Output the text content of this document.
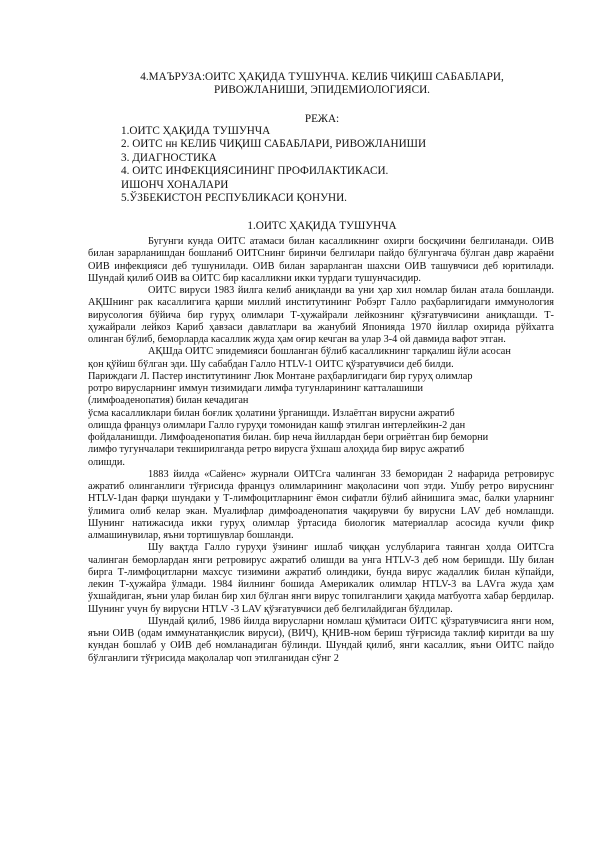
4.МАЪРУЗА:ОИТС ҲАҚИДА ТУШУНЧА. КЕЛИБ ЧИҚИШ САБАБЛАРИ,
РИВОЖЛАНИШИ, ЭПИДЕМИОЛОГИЯСИ.
РЕЖА:
1.ОИТС ҲАҚИДА ТУШУНЧА
2. ОИТС нн КЕЛИБ ЧИҚИШ САБАБЛАРИ, РИВОЖЛАНИШИ
3. ДИАГНОСТИКА
4. ОИТС ИНФЕКЦИЯСИНИНГ ПРОФИЛАКТИКАСИ.
ИШОНЧ ХОНАЛАРИ
5.ЎЗБЕКИСТОН РЕСПУБЛИКАСИ ҚОНУНИ.
1.ОИТС ҲАҚИДА ТУШУНЧА

Бугунги кунда ОИТС атамаси билан касалликнинг охирги босқичини белгиланади. ОИВ билан зарарланишдан бошланиб ОИТСнинг биринчи белгилари пайдо бўлгунгача бўлган давр жараёни ОИВ инфекцияси деб тушунилади. ОИВ билан зарарланган шахсни ОИВ ташувчиси деб юритилади. Шундай қилиб ОИВ ва ОИТС бир касалликни икки турдаги тушунчасидир.

ОИТС вируси 1983 йилга келиб аниқланди ва уни ҳар хил номлар билан атала бошланди. АҚШнинг рак касаллигига қарши миллий институтининг Робэрт Галло раҳбарлигидаги иммунология вирусология бўйича бир гуруҳ олимлари Т-ҳужайрали лейкознинг қўзғатувчисини аниқлашди. Т-ҳужайрали лейкоз Кариб ҳавзаси давлатлари ва жанубий Японияда 1970 йиллар охирида рўйхатга олинган бўлиб, беморларда касаллик жуда ҳам оғир кечган ва улар 3-4 ой давмида вафот этган.

АҚШда ОИТС эпидемияси бошланган бўлиб касалликнинг тарқалиш йўли асосан
қон қўйиш бўлган эди. Шу сабабдан Галло HTLV-1 ОИТС қўзратувчиси деб билди.
Париждаги Л. Пастер институтининг Люк Монтане раҳбарлигидаги бир гуруҳ олимлар
ротро вирусларнинг иммун тизимидаги лимфа тугунларининг катталашиши
(лимфоаденопатия) билан кечадиган
ўсма касалликлари билан боғлик ҳолатини ўрганишди. Излаётган вирусни ажратиб
олишда француз олимлари Галло гуруҳи томонидан кашф этилган интерлейкин-2 дан
фойдаланишди. Лимфоаденопатия билан. бир неча йиллардан бери огриётган бир беморни
лимфо тугунчалари текширилганда ретро вирусга ўхшаш алоҳида бир вирус ажратиб
олишди.

1883 йилда «Сайенс» журнали ОИТСга чалинган 33 беморидан 2 нафарида ретровирус ажратиб олинганлиги тўғрисида француз олимларининг мақоласини чоп этди. Ушбу ретро вируснинг HTLV-1дан фарқи шундаки у Т-лимфоцитларнинг ёмон сифатли бўлиб айнишига эмас, балки уларнинг ўлимига олиб келар экан. Муалифлар димфоаденопатия чақирувчи бу вирусни LAV деб номлашди. Шунинг натижасида икки гуруҳ олимлар ўртасида биологик материаллар асосида кучли фикр алмашинувилар, яъни тортишувлар бошланди.

Шу вақтда Галло гуруҳи ўзининг ишлаб чиққан услубларига таянган ҳолда ОИТСга чалинган беморлардан янги ретровирус ажратиб олишди ва унга HTLV-3 деб ном беришди. Шу билан бирга Т-лимфоцитларни махсус тизимини ажратиб олиндики, бунда вирус жадаллик билан кўпайди, лекин Т-ҳужайра ўлмади. 1984 йилнинг бошида Америкалик олимлар HTLV-3 ва LAVга жуда ҳам ўхшайдиган, яъни улар билан бир хил бўлган янги вирус топилганлиги ҳақида матбуотга хабар бердилар. Шунинг учун бу вирусни HTLV -3 LAV қўзғатувчиси деб белгилайдиган бўлдилар.

Шундай қилиб, 1986 йилда вирусларни номлаш қўмитаси ОИТС қўзратувчисига янги ном, яъни ОИВ (одам иммунатанқислик вируси), (ВИЧ), ҚНИВ-ном бериш тўғрисида таклиф киритди ва шу кундан бошлаб у ОИВ деб номланадиган бўлинди. Шундай қилиб, янги касаллик, яъни ОИТС пайдо бўлганлиги тўғрисида мақолалар чоп этилганидан сўнг 2
